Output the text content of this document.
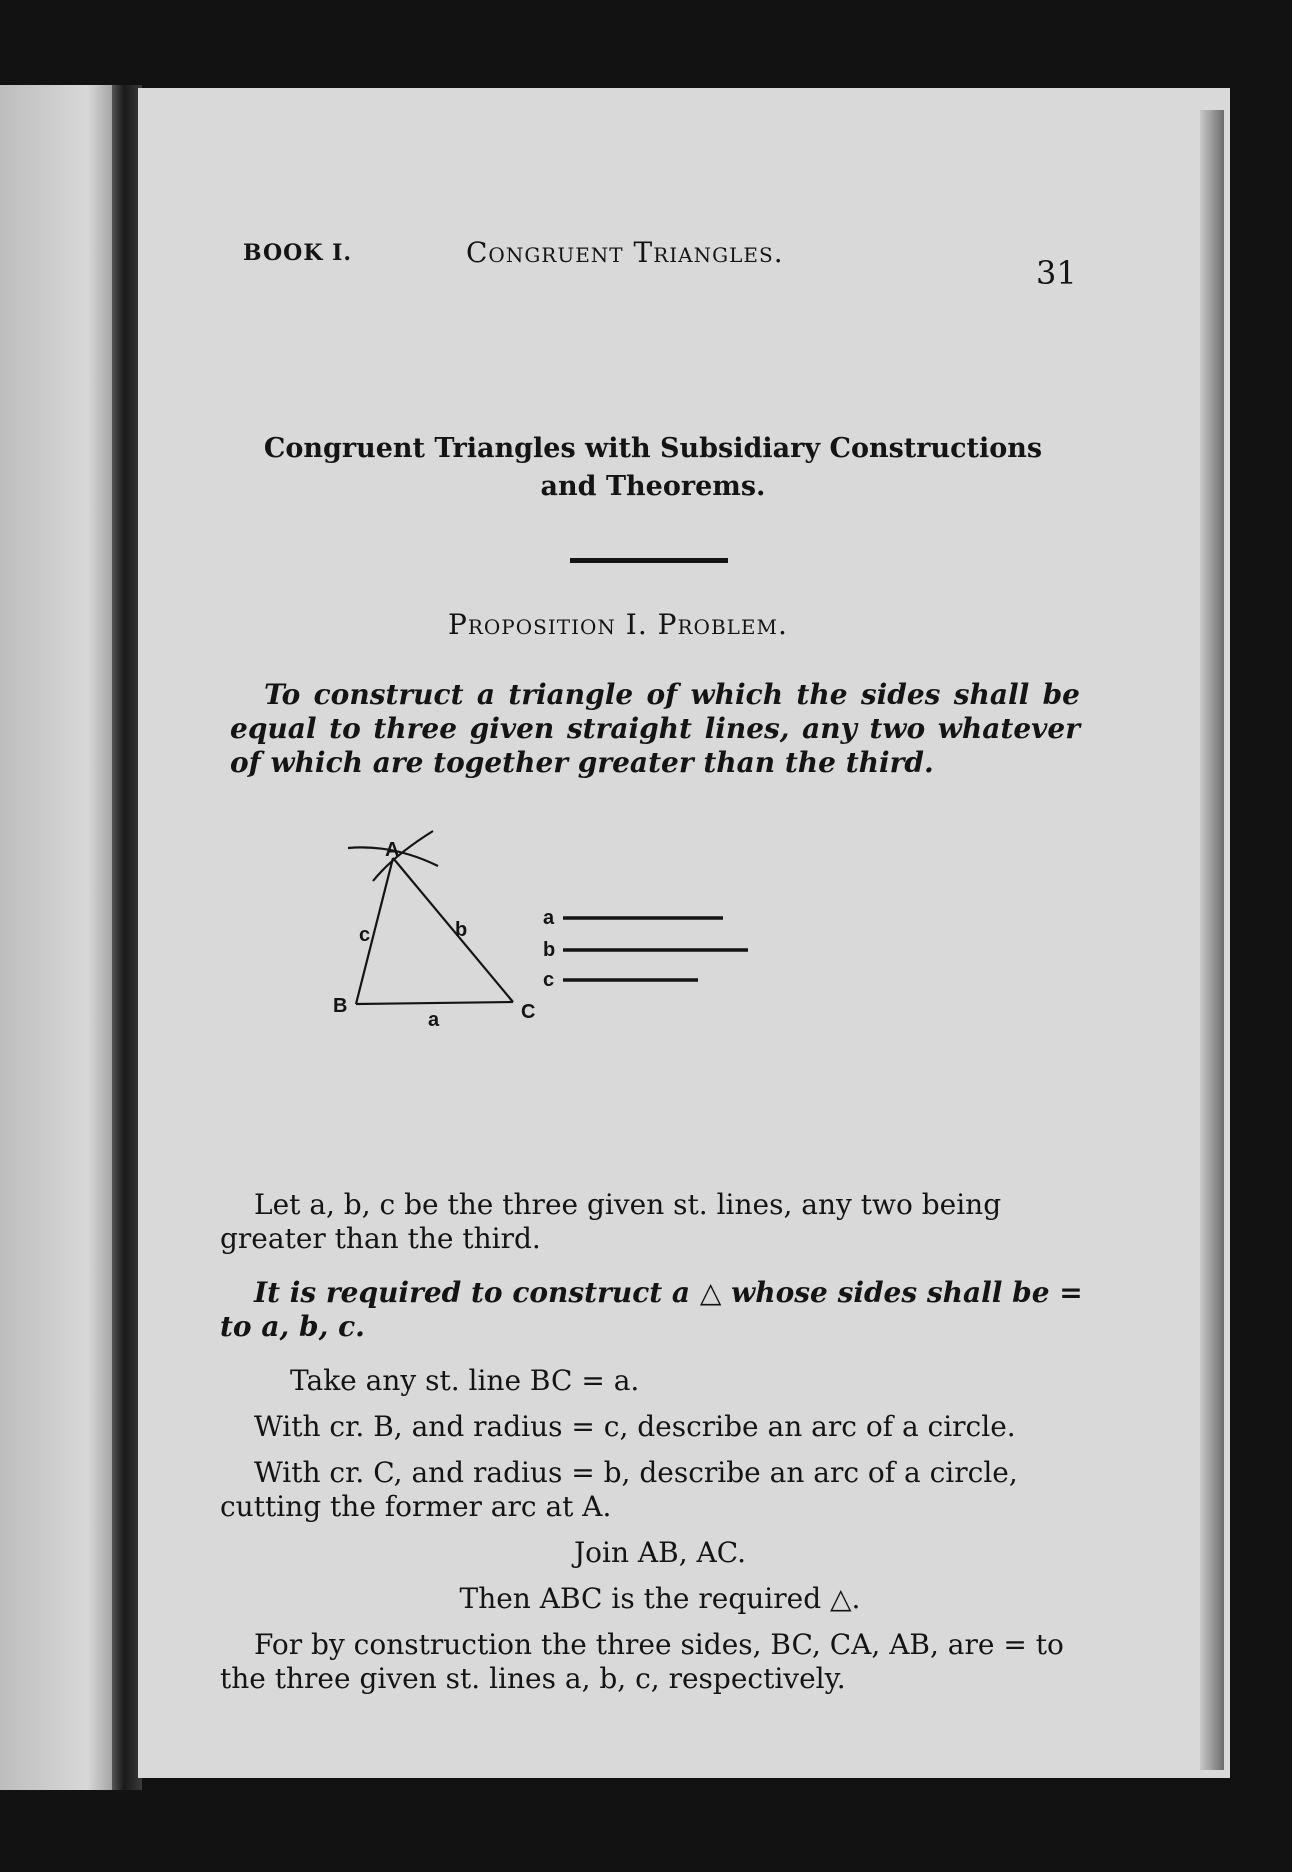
BOOK I.	Congruent Triangles.
31
Congruent Triangles with Subsidiary Constructions
and Theorems.
Proposition I. Problem.
To construct a triangle of which the sides shall be equal to three given straight lines, any two whatever of which are together greater than the third.
A
B	C
a
b
c
a
b
c
Let a, b, c be the three given st. lines, any two being greater than the third.
It is required to construct a △ whose sides shall be = to a, b, c.
Take any st. line BC = a.
With cr. B, and radius = c, describe an arc of a circle.
With cr. C, and radius = b, describe an arc of a circle, cutting the former arc at A.
Join AB, AC.
Then ABC is the required △.
For by construction the three sides, BC, CA, AB, are = to the three given st. lines a, b, c, respectively.
